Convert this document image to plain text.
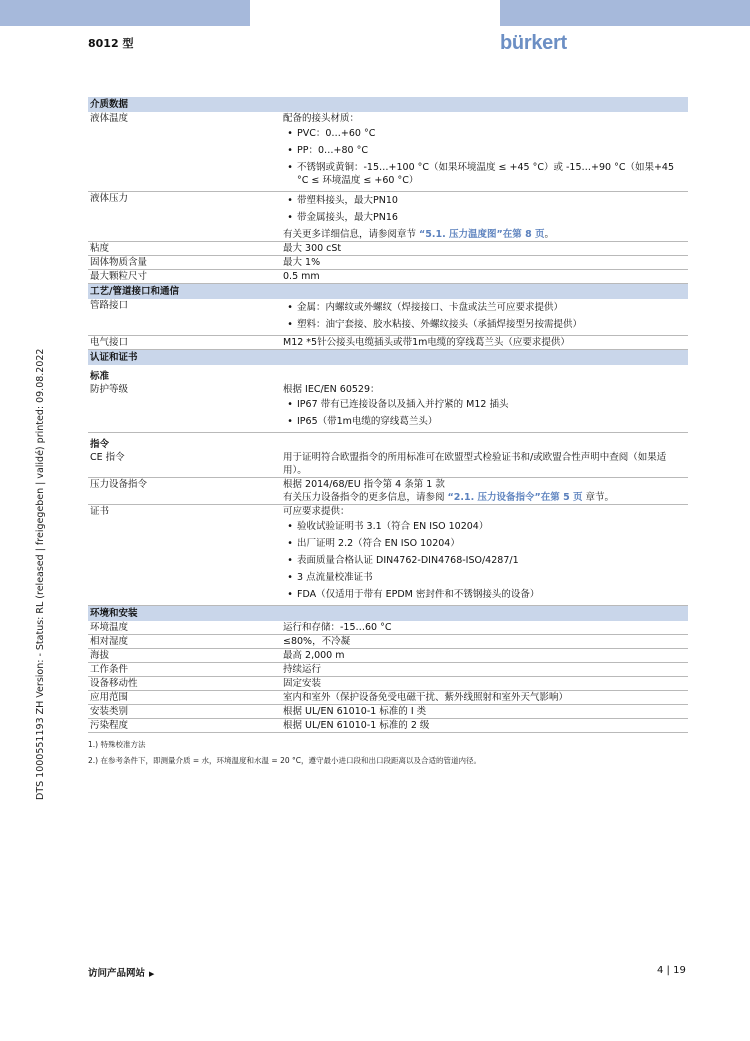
8012 型	bürkert
DTS 1000551193 ZH Version: - Status: RL (released | freigegeben | validé) printed: 09.08.2022
介质数据
液体温度	配备的接头材质：
• PVC：0…+60 °C
• PP：0…+80 °C
• 不锈钢或黄铜：-15…+100 °C（如果环境温度 ≤ +45 °C）或 -15…+90 °C（如果+45 °C ≤ 环境温度 ≤ +60 °C）
液体压力	• 带塑料接头，最大PN10
• 带金属接头，最大PN16
有关更多详细信息，请参阅章节 “5.1. 压力温度图”在第 8 页。
粘度	最大 300 cSt
固体物质含量	最大 1%
最大颗粒尺寸	0.5 mm
工艺/管道接口和通信
管路接口	• 金属：内螺纹或外螺纹（焊接接口、卡盘或法兰可应要求提供）
• 塑料：油宁套接、胶水粘接、外螺纹接头（承插焊接型另按需提供）
电气接口	M12 *5针公接头电缆插头或带1m电缆的穿线葛兰头（应要求提供）
认证和证书
标准
防护等级	根据 IEC/EN 60529：
• IP67 带有已连接设备以及插入并拧紧的 M12 插头
• IP65（带1m电缆的穿线葛兰头）
指令
CE 指令	用于证明符合欧盟指令的所用标准可在欧盟型式检验证书和/或欧盟合性声明中查阅（如果适用）。
压力设备指令	根据 2014/68/EU 指令第 4 条第 1 款
有关压力设备指令的更多信息，请参阅 “2.1. 压力设备指令”在第 5 页 章节。
证书	可应要求提供：
• 验收试验证明书 3.1（符合 EN ISO 10204）
• 出厂证明 2.2（符合 EN ISO 10204）
• 表面质量合格认证 DIN4762-DIN4768-ISO/4287/1
• 3 点流量校准证书
• FDA（仅适用于带有 EPDM 密封件和不锈钢接头的设备）
环境和安装
环境温度	运行和存储：-15…60 °C
相对湿度	≤80%，不冷凝
海拔	最高 2,000 m
工作条件	持续运行
设备移动性	固定安装
应用范围	室内和室外（保护设备免受电磁干扰、紫外线照射和室外天气影响）
安装类别	根据 UL/EN 61010-1 标准的 I 类
污染程度	根据 UL/EN 61010-1 标准的 2 级
1.) 特殊校准方法
2.) 在参考条件下，即测量介质 = 水，环境温度和水温 = 20 °C，遵守最小进口段和出口段距离以及合适的管道内径。
访问产品网站 ▶	4 | 19
